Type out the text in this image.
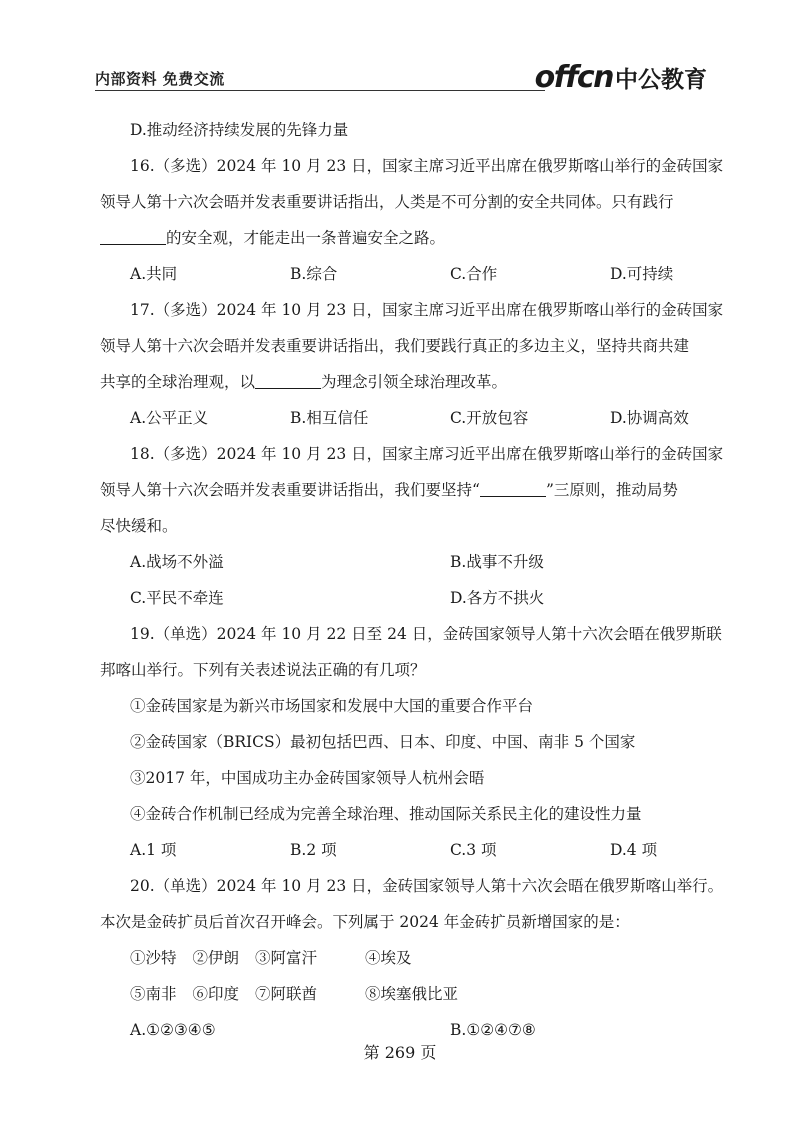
内部资料 免费交流	offcn 中公教育
D.推动经济持续发展的先锋力量
16.（多选）2024 年 10 月 23 日，国家主席习近平出席在俄罗斯喀山举行的金砖国家
领导人第十六次会晤并发表重要讲话指出，人类是不可分割的安全共同体。只有践行
的安全观，才能走出一条普遍安全之路。
A.共同	B.综合	C.合作	D.可持续
17.（多选）2024 年 10 月 23 日，国家主席习近平出席在俄罗斯喀山举行的金砖国家
领导人第十六次会晤并发表重要讲话指出，我们要践行真正的多边主义，坚持共商共建
共享的全球治理观，以	为理念引领全球治理改革。
A.公平正义	B.相互信任	C.开放包容	D.协调高效
18.（多选）2024 年 10 月 23 日，国家主席习近平出席在俄罗斯喀山举行的金砖国家
领导人第十六次会晤并发表重要讲话指出，我们要坚持“	”三原则，推动局势
尽快缓和。
A.战场不外溢	B.战事不升级
C.平民不牵连	D.各方不拱火
19.（单选）2024 年 10 月 22 日至 24 日，金砖国家领导人第十六次会晤在俄罗斯联
邦喀山举行。下列有关表述说法正确的有几项？
①金砖国家是为新兴市场国家和发展中大国的重要合作平台
②金砖国家（BRICS）最初包括巴西、日本、印度、中国、南非 5 个国家
③2017 年，中国成功主办金砖国家领导人杭州会晤
④金砖合作机制已经成为完善全球治理、推动国际关系民主化的建设性力量
A.1 项	B.2 项	C.3 项	D.4 项
20.（单选）2024 年 10 月 23 日，金砖国家领导人第十六次会晤在俄罗斯喀山举行。
本次是金砖扩员后首次召开峰会。下列属于 2024 年金砖扩员新增国家的是：
①沙特 ②伊朗 ③阿富汗	④埃及
⑤南非 ⑥印度 ⑦阿联酋	⑧埃塞俄比亚
A.①②③④⑤	B.①②④⑦⑧
第 269 页
